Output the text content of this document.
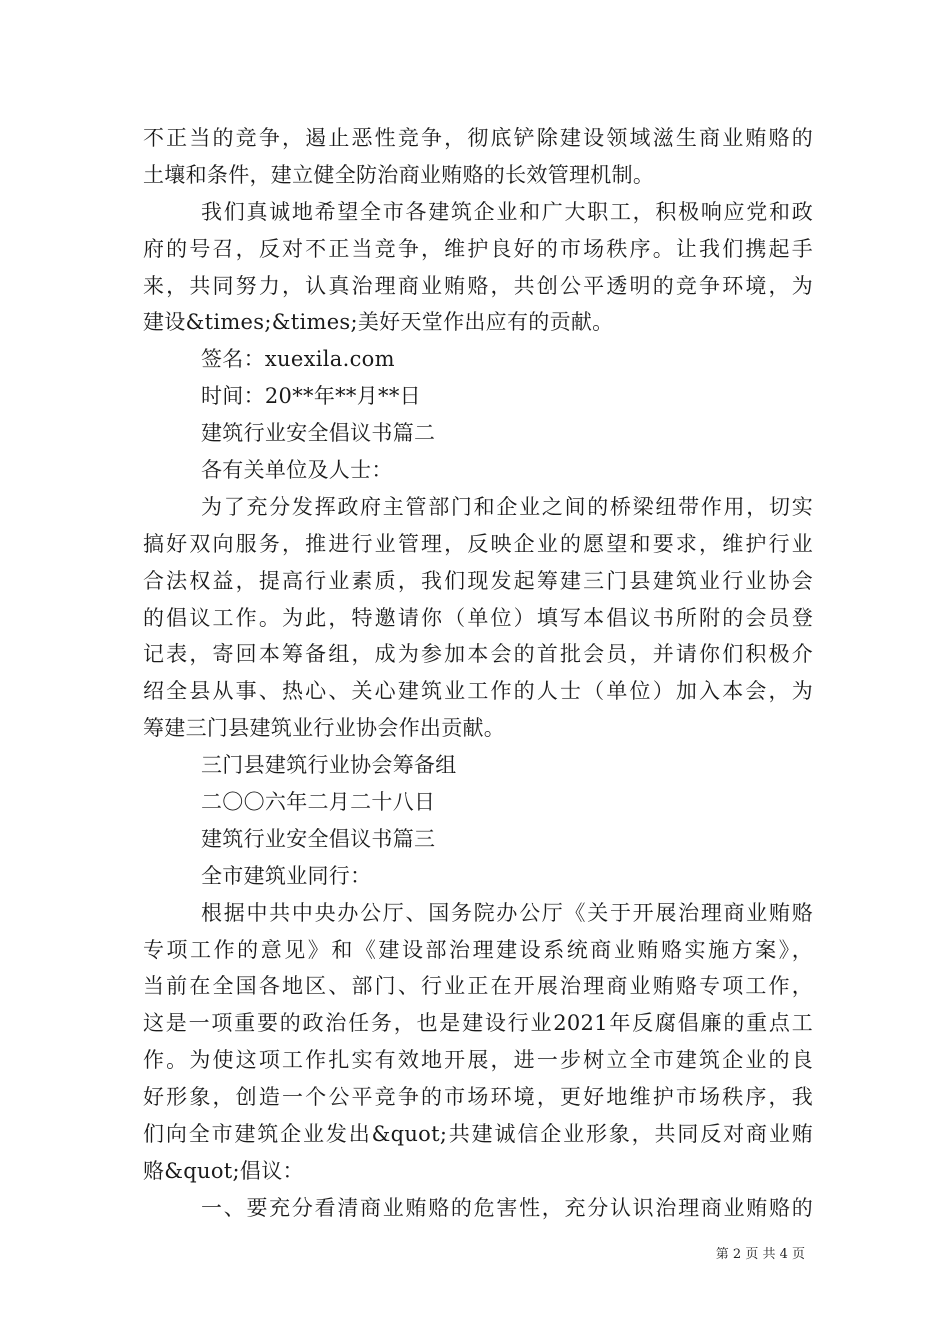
不正当的竞争，遏止恶性竞争，彻底铲除建设领域滋生商业贿赂的
土壤和条件，建立健全防治商业贿赂的长效管理机制。
我们真诚地希望全市各建筑企业和广大职工，积极响应党和政
府的号召，反对不正当竞争，维护良好的市场秩序。让我们携起手
来，共同努力，认真治理商业贿赂，共创公平透明的竞争环境，为
建设&times;&times;美好天堂作出应有的贡献。
签名：xuexila.com
时间：20**年**月**日
建筑行业安全倡议书篇二
各有关单位及人士：
为了充分发挥政府主管部门和企业之间的桥梁纽带作用，切实
搞好双向服务，推进行业管理，反映企业的愿望和要求，维护行业
合法权益，提高行业素质，我们现发起筹建三门县建筑业行业协会
的倡议工作。为此，特邀请你（单位）填写本倡议书所附的会员登
记表，寄回本筹备组，成为参加本会的首批会员，并请你们积极介
绍全县从事、热心、关心建筑业工作的人士（单位）加入本会，为
筹建三门县建筑业行业协会作出贡献。
三门县建筑行业协会筹备组
二〇〇六年二月二十八日
建筑行业安全倡议书篇三
全市建筑业同行：
根据中共中央办公厅、国务院办公厅《关于开展治理商业贿赂
专项工作的意见》和《建设部治理建设系统商业贿赂实施方案》，
当前在全国各地区、部门、行业正在开展治理商业贿赂专项工作，
这是一项重要的政治任务，也是建设行业2021年反腐倡廉的重点工
作。为使这项工作扎实有效地开展，进一步树立全市建筑企业的良
好形象，创造一个公平竞争的市场环境，更好地维护市场秩序，我
们向全市建筑企业发出&quot;共建诚信企业形象，共同反对商业贿
赂&quot;倡议：
一、要充分看清商业贿赂的危害性，充分认识治理商业贿赂的
第 2 页 共 4 页
